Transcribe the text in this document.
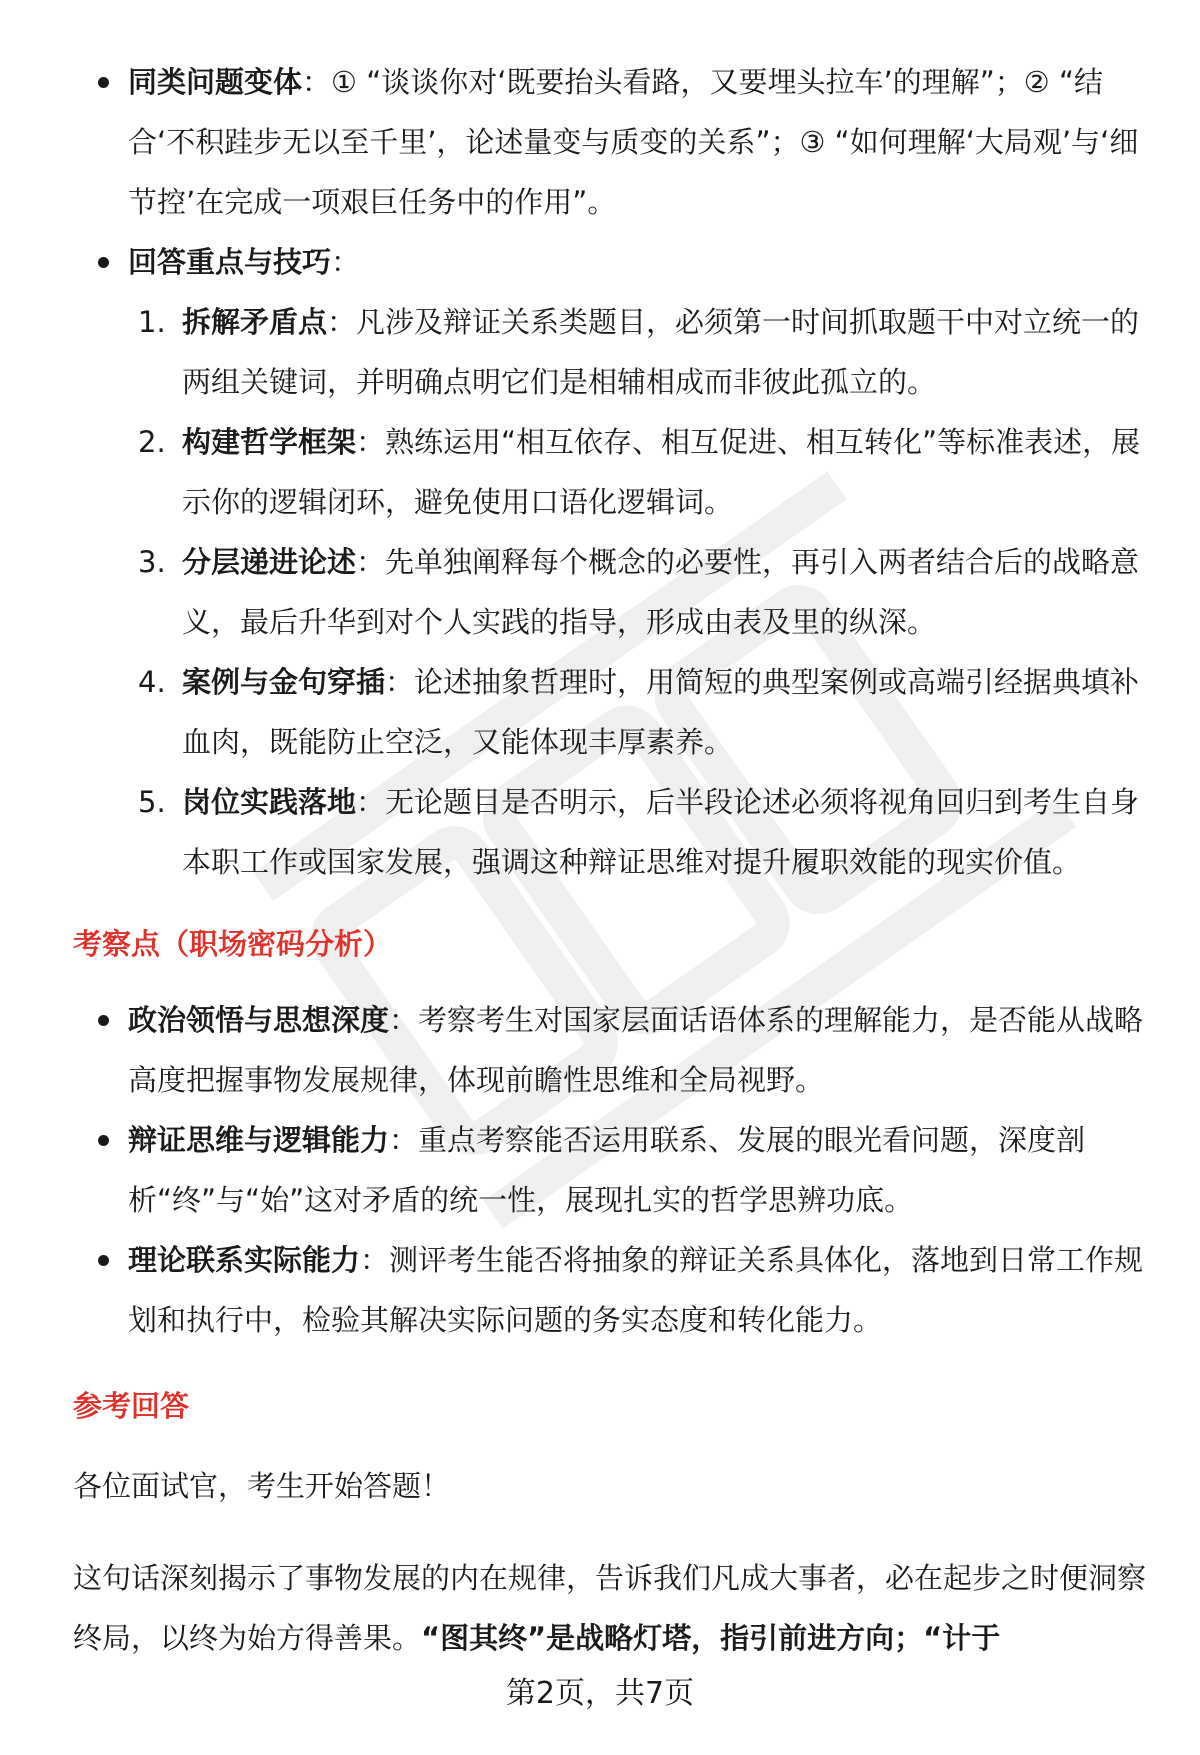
同类问题变体：① “谈谈你对‘既要抬头看路，又要埋头拉车’的理解”；② “结合‘不积跬步无以至千里’，论述量变与质变的关系”；③ “如何理解‘大局观’与‘细节控’在完成一项艰巨任务中的作用”。
回答重点与技巧：
1. 拆解矛盾点：凡涉及辩证关系类题目，必须第一时间抓取题干中对立统一的两组关键词，并明确点明它们是相辅相成而非彼此孤立的。
2. 构建哲学框架：熟练运用“相互依存、相互促进、相互转化”等标准表述，展示你的逻辑闭环，避免使用口语化逻辑词。
3. 分层递进论述：先单独阐释每个概念的必要性，再引入两者结合后的战略意义，最后升华到对个人实践的指导，形成由表及里的纵深。
4. 案例与金句穿插：论述抽象哲理时，用简短的典型案例或高端引经据典填补血肉，既能防止空泛，又能体现丰厚素养。
5. 岗位实践落地：无论题目是否明示，后半段论述必须将视角回归到考生自身本职工作或国家发展，强调这种辩证思维对提升履职效能的现实价值。
考察点（职场密码分析）
政治领悟与思想深度：考察考生对国家层面话语体系的理解能力，是否能从战略高度把握事物发展规律，体现前瞻性思维和全局视野。
辩证思维与逻辑能力：重点考察能否运用联系、发展的眼光看问题，深度剖析“终”与“始”这对矛盾的统一性，展现扎实的哲学思辨功底。
理论联系实际能力：测评考生能否将抽象的辩证关系具体化，落地到日常工作规划和执行中，检验其解决实际问题的务实态度和转化能力。
参考回答
各位面试官，考生开始答题！
这句话深刻揭示了事物发展的内在规律，告诉我们凡成大事者，必在起步之时便洞察终局，以终为始方得善果。“图其终”是战略灯塔，指引前进方向；“计于
第2页，共7页
